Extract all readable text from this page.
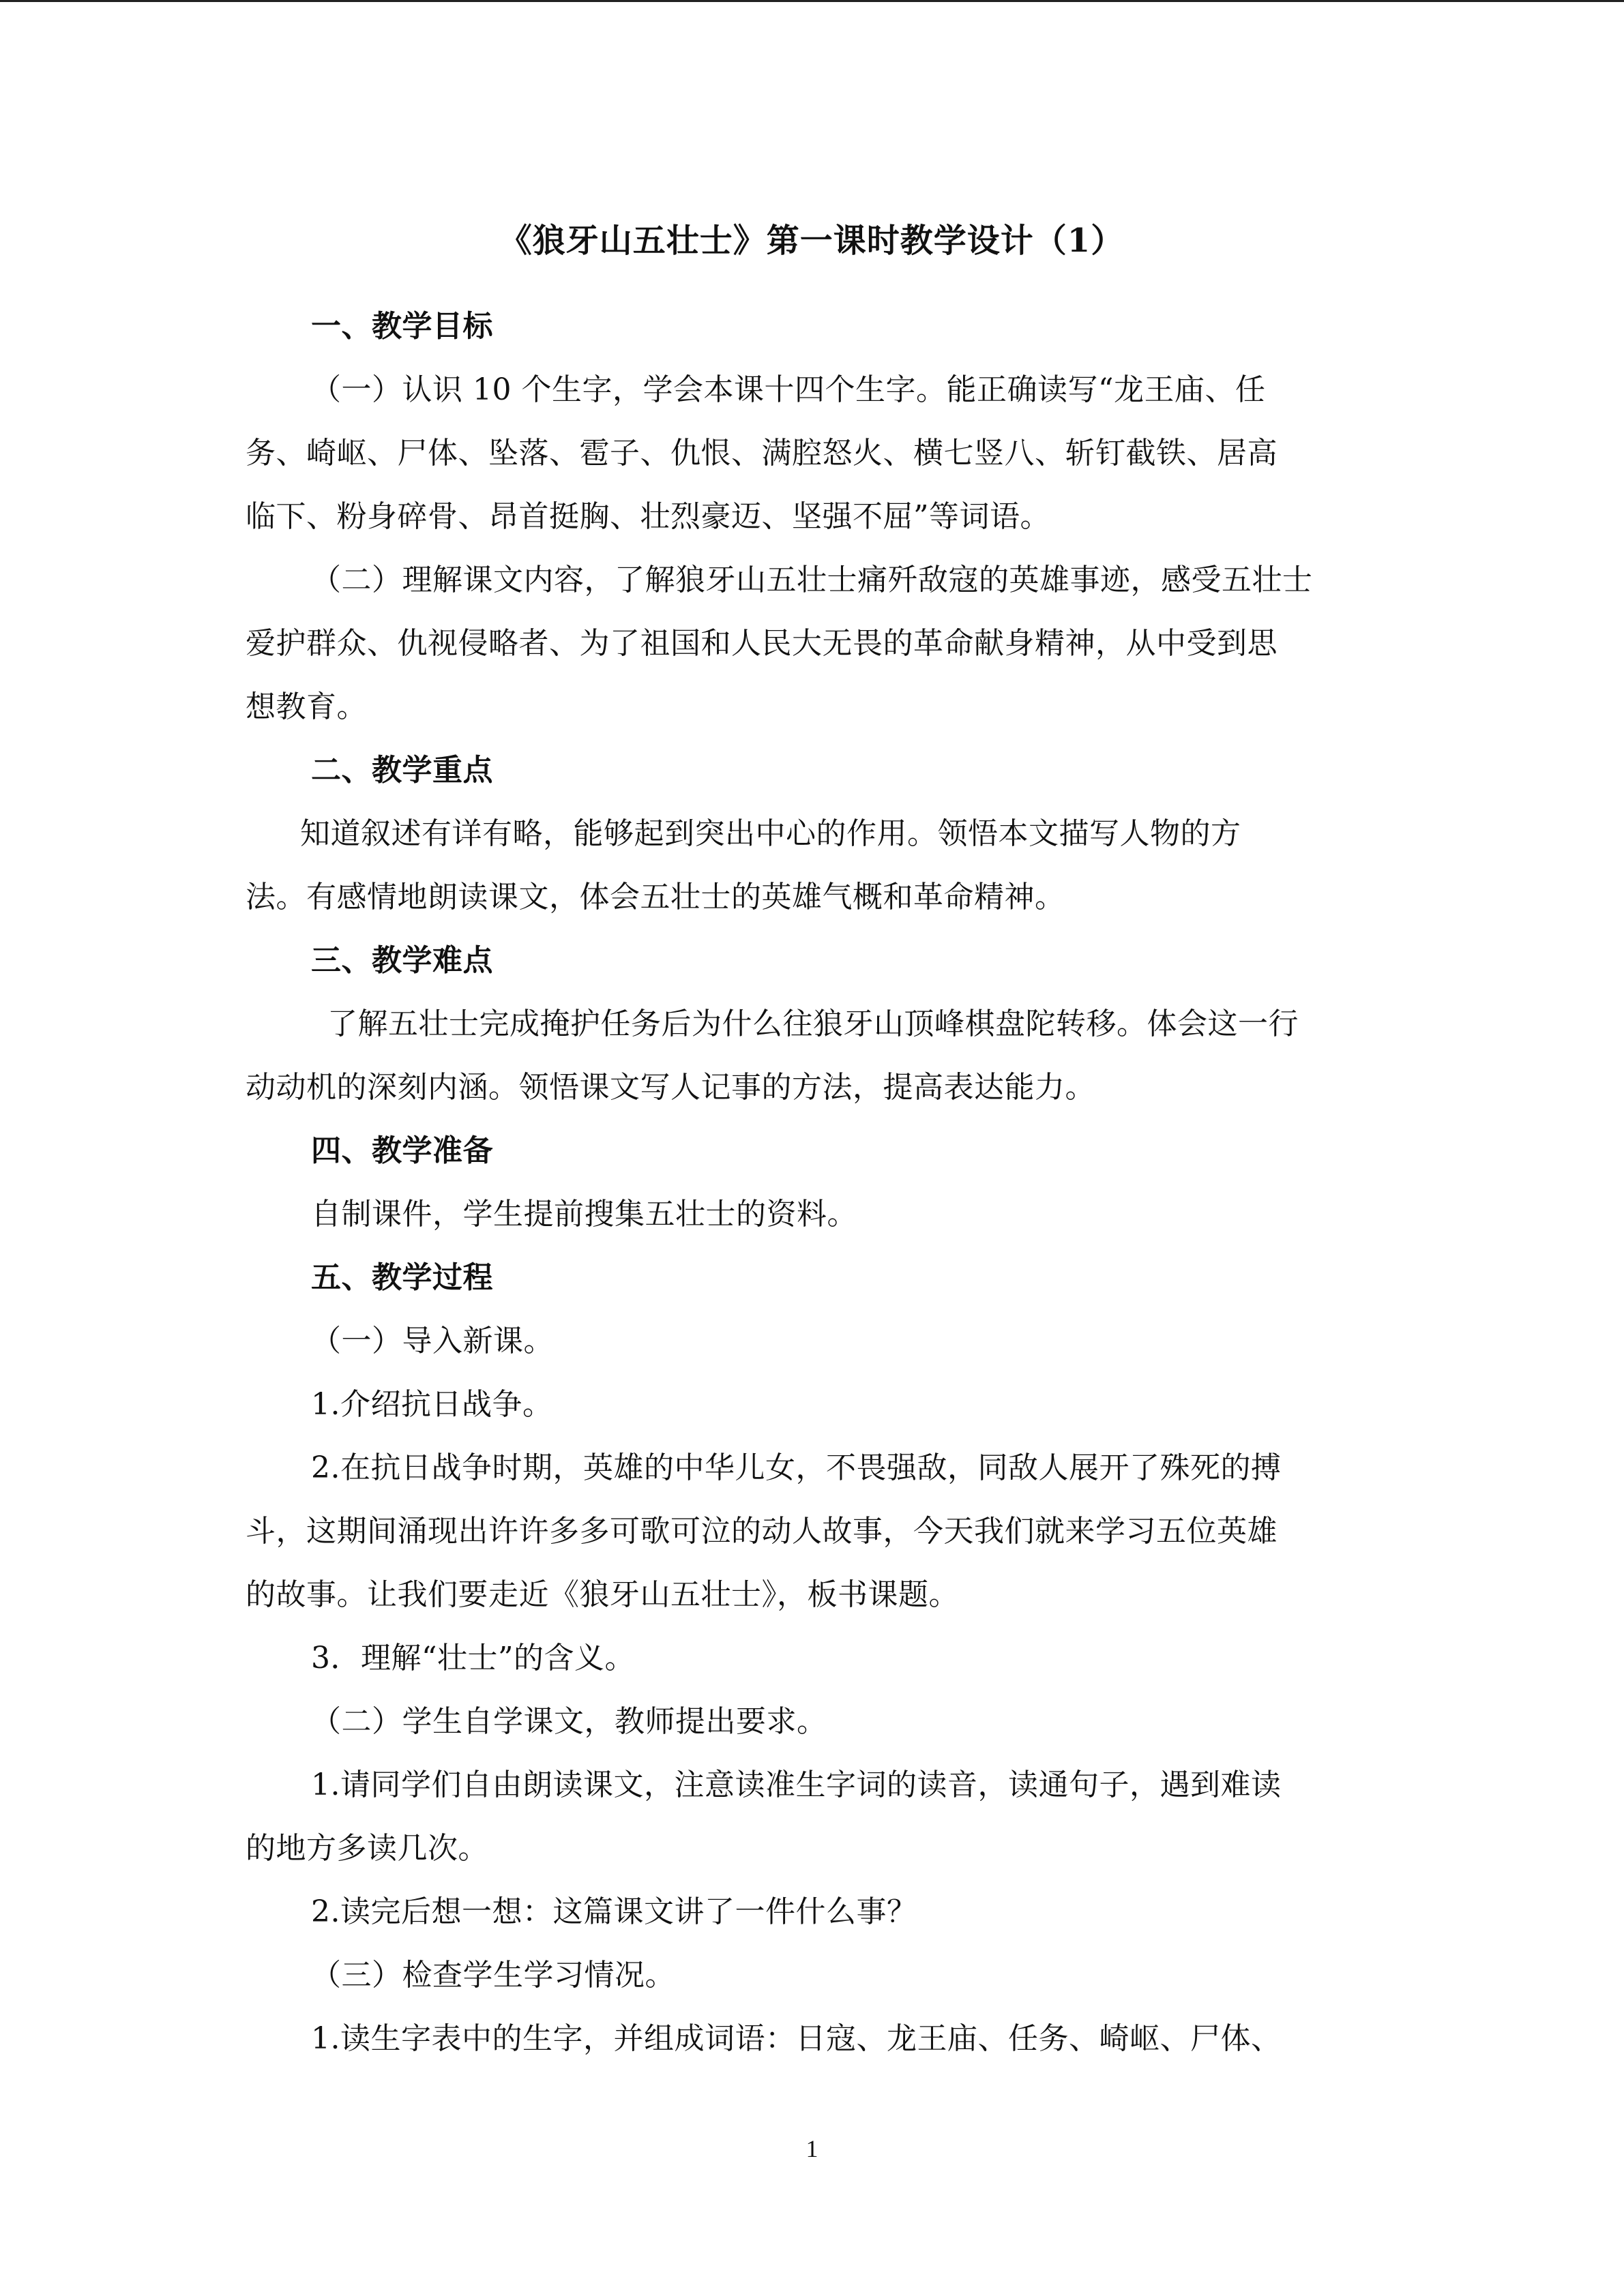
《狼牙山五壮士》第一课时教学设计（1）
一、教学目标
（一）认识 10 个生字，学会本课十四个生字。能正确读写“龙王庙、任
务、崎岖、尸体、坠落、雹子、仇恨、满腔怒火、横七竖八、斩钉截铁、居高
临下、粉身碎骨、昂首挺胸、壮烈豪迈、坚强不屈”等词语。
（二）理解课文内容，了解狼牙山五壮士痛歼敌寇的英雄事迹，感受五壮士
爱护群众、仇视侵略者、为了祖国和人民大无畏的革命献身精神，从中受到思
想教育。
二、教学重点
知道叙述有详有略，能够起到突出中心的作用。领悟本文描写人物的方
法。有感情地朗读课文，体会五壮士的英雄气概和革命精神。
三、教学难点
了解五壮士完成掩护任务后为什么往狼牙山顶峰棋盘陀转移。体会这一行
动动机的深刻内涵。领悟课文写人记事的方法，提高表达能力。
四、教学准备
自制课件，学生提前搜集五壮士的资料。
五、教学过程
（一）导入新课。
1.介绍抗日战争。
2.在抗日战争时期，英雄的中华儿女，不畏强敌，同敌人展开了殊死的搏
斗，这期间涌现出许许多多可歌可泣的动人故事，今天我们就来学习五位英雄
的故事。让我们要走近《狼牙山五壮士》，板书课题。
3．理解“壮士”的含义。
（二）学生自学课文，教师提出要求。
1.请同学们自由朗读课文，注意读准生字词的读音，读通句子，遇到难读
的地方多读几次。
2.读完后想一想：这篇课文讲了一件什么事？
（三）检查学生学习情况。
1.读生字表中的生字，并组成词语：日寇、龙王庙、任务、崎岖、尸体、
1
